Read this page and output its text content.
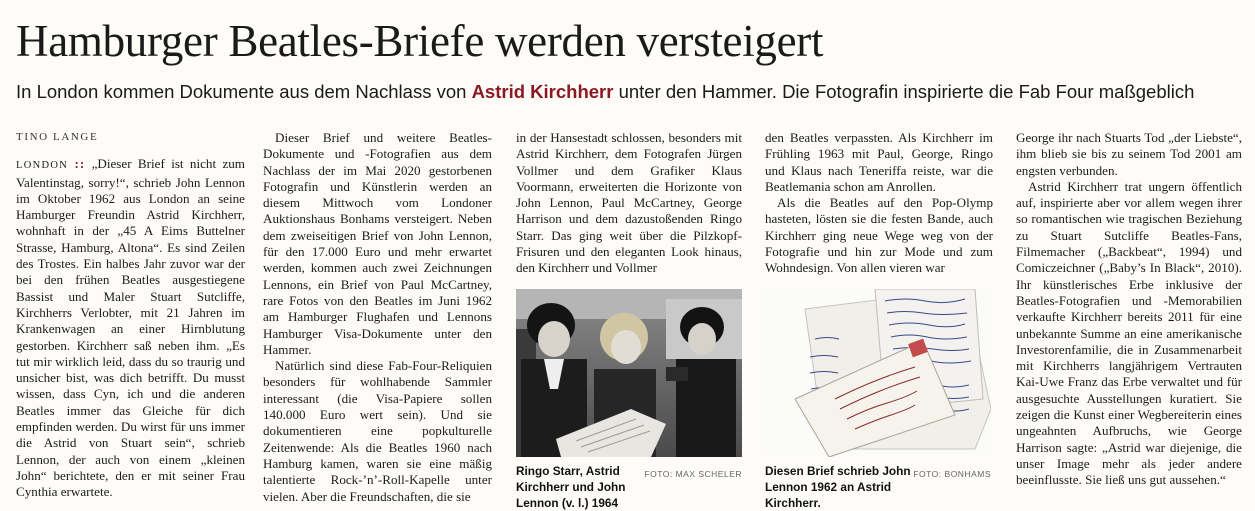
Hamburger Beatles-Briefe werden versteigert
In London kommen Dokumente aus dem Nachlass von Astrid Kirchherr unter den Hammer. Die Fotografin inspirierte die Fab Four maßgeblich
TINO LANGE

LONDON :: „Dieser Brief ist nicht zum Valentinstag, sorry!“, schrieb John Lennon im Oktober 1962 aus London an seine Hamburger Freundin Astrid Kirchherr, wohnhaft in der „45 A Eims Buttelner Strasse, Hamburg, Altona“. Es sind Zeilen des Trostes. Ein halbes Jahr zuvor war der bei den frühen Beatles ausgestiegene Bassist und Maler Stuart Sutcliffe, Kirchherrs Verlobter, mit 21 Jahren im Krankenwagen an einer Hirnblutung gestorben. Kirchherr saß neben ihm. „Es tut mir wirklich leid, dass du so traurig und unsicher bist, was dich betrifft. Du musst wissen, dass Cyn, ich und die anderen Beatles immer das Gleiche für dich empfinden werden. Du wirst für uns immer die Astrid von Stuart sein“, schrieb Lennon, der auch von einem „kleinen John“ berichtete, den er mit seiner Frau Cynthia erwartete.

Dieser Brief und weitere Beatles-Dokumente und -Fotografien aus dem Nachlass der im Mai 2020 gestorbenen Fotografin und Künstlerin werden an diesem Mittwoch vom Londoner Auktionshaus Bonhams versteigert. Neben dem zweiseitigen Brief von John Lennon, für den 17.000 Euro und mehr erwartet werden, kommen auch zwei Zeichnungen Lennons, ein Brief von Paul McCartney, rare Fotos von den Beatles im Juni 1962 am Hamburger Flughafen und Lennons Hamburger Visa-Dokumente unter den Hammer.

Natürlich sind diese Fab-Four-Reliquien besonders für wohlhabende Sammler interessant (die Visa-Papiere sollen 140.000 Euro wert sein). Und sie dokumentieren eine popkulturelle Zeitenwende: Als die Beatles 1960 nach Hamburg kamen, waren sie eine mäßig talentierte Rock-’n’-Roll-Kapelle unter vielen. Aber die Freundschaften, die sie

in der Hansestadt schlossen, besonders mit Astrid Kirchherr, dem Fotografen Jürgen Vollmer und dem Grafiker Klaus Voormann, erweiterten die Horizonte von John Lennon, Paul McCartney, George Harrison und dem dazustoßenden Ringo Starr. Das ging weit über die Pilzkopf-Frisuren und den eleganten Look hinaus, den Kirchherr und Vollmer

den Beatles verpassten. Als Kirchherr im Frühling 1963 mit Paul, George, Ringo und Klaus nach Teneriffa reiste, war die Beatlemania schon am Anrollen.

Als die Beatles auf den Pop-Olymp hasteten, lösten sie die festen Bande, auch Kirchherr ging neue Wege weg von der Fotografie und hin zur Mode und zum Wohndesign. Von allen vieren war

George ihr nach Stuarts Tod „der Liebste“, ihm blieb sie bis zu seinem Tod 2001 am engsten verbunden.

Astrid Kirchherr trat ungern öffentlich auf, inspirierte aber vor allem wegen ihrer so romantischen wie tragischen Beziehung zu Stuart Sutcliffe Beatles-Fans, Filmemacher („Backbeat“, 1994) und Comiczeichner („Baby’s In Black“, 2010). Ihr künstlerisches Erbe inklusive der Beatles-Fotografien und -Memorabilien verkaufte Kirchherr bereits 2011 für eine unbekannte Summe an eine amerikanische Investorenfamilie, die in Zusammenarbeit mit Kirchherrs langjährigem Vertrauten Kai-Uwe Franz das Erbe verwaltet und für ausgesuchte Ausstellungen kuratiert. Sie zeigen die Kunst einer Wegbereiterin eines ungeahnten Aufbruchs, wie George Harrison sagte: „Astrid war diejenige, die unser Image mehr als jeder andere beeinflusste. Sie ließ uns gut aussehen.“

FOTO: MAX SCHELER
Ringo Starr, Astrid Kirchherr und John Lennon (v. l.) 1964
FOTO: BONHAMS
Diesen Brief schrieb John Lennon 1962 an Astrid Kirchherr.
